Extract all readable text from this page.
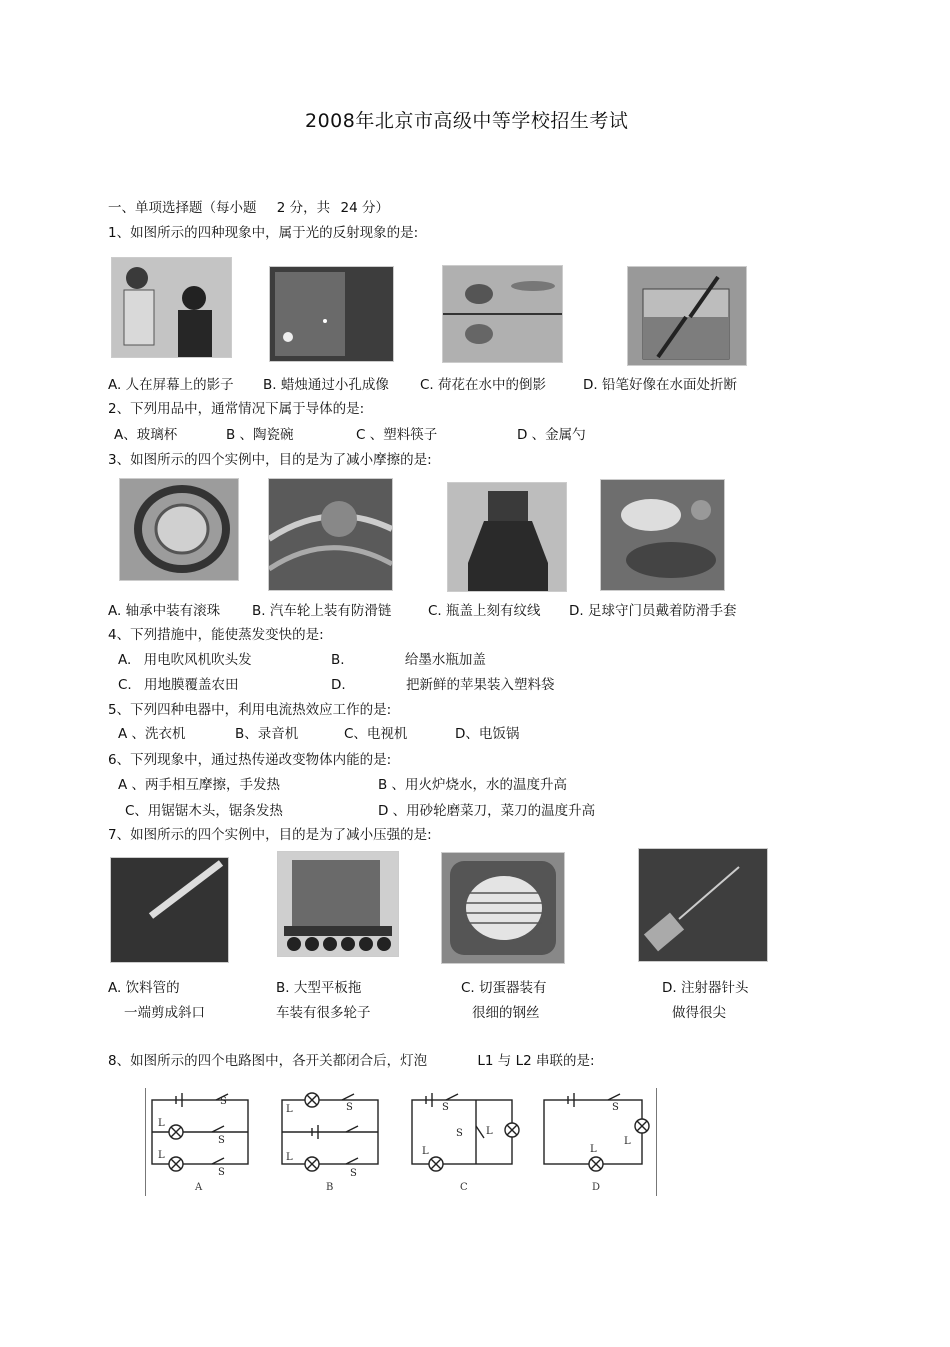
2008年北京市高级中等学校招生考试
一、单项选择题（每小题 2 分，共 24 分）
1、如图所示的四种现象中，属于光的反射现象的是:
A. 人在屏幕上的影子 B. 蜡烛通过小孔成像 C. 荷花在水中的倒影	D. 铅笔好像在水面处折断
2、下列用品中，通常情况下属于导体的是:
A、玻璃杯	B 、陶瓷碗	C 、塑料筷子	D 、金属勺
3、如图所示的四个实例中，目的是为了减小摩擦的是:
A. 轴承中装有滚珠 B. 汽车轮上装有防滑链	C. 瓶盖上刻有纹线 D. 足球守门员戴着防滑手套
4、下列措施中，能使蒸发变快的是:
A. 用电吹风机吹头发	B.	给墨水瓶加盖
C. 用地膜覆盖农田	D.	把新鲜的苹果装入塑料袋
5、下列四种电器中，利用电流热效应工作的是:
A 、洗衣机	B、录音机	C、电视机	D、电饭锅
6、下列现象中，通过热传递改变物体内能的是:
A 、两手相互摩擦，手发热	B 、用火炉烧水，水的温度升高
C、用锯锯木头，锯条发热	D 、用砂轮磨菜刀，菜刀的温度升高
7、如图所示的四个实例中，目的是为了减小压强的是:
A. 饮料管的
一端剪成斜口
B. 大型平板拖
车装有很多轮子
C. 切蛋器装有
很细的钢丝
D. 注射器针头
做得很尖
8、如图所示的四个电路图中，各开关都闭合后，灯泡	L1 与 L2 串联的是:
S
L
S
L
S
L	S
L
S
S
S L
L
S
L
L
A	B	C	D
